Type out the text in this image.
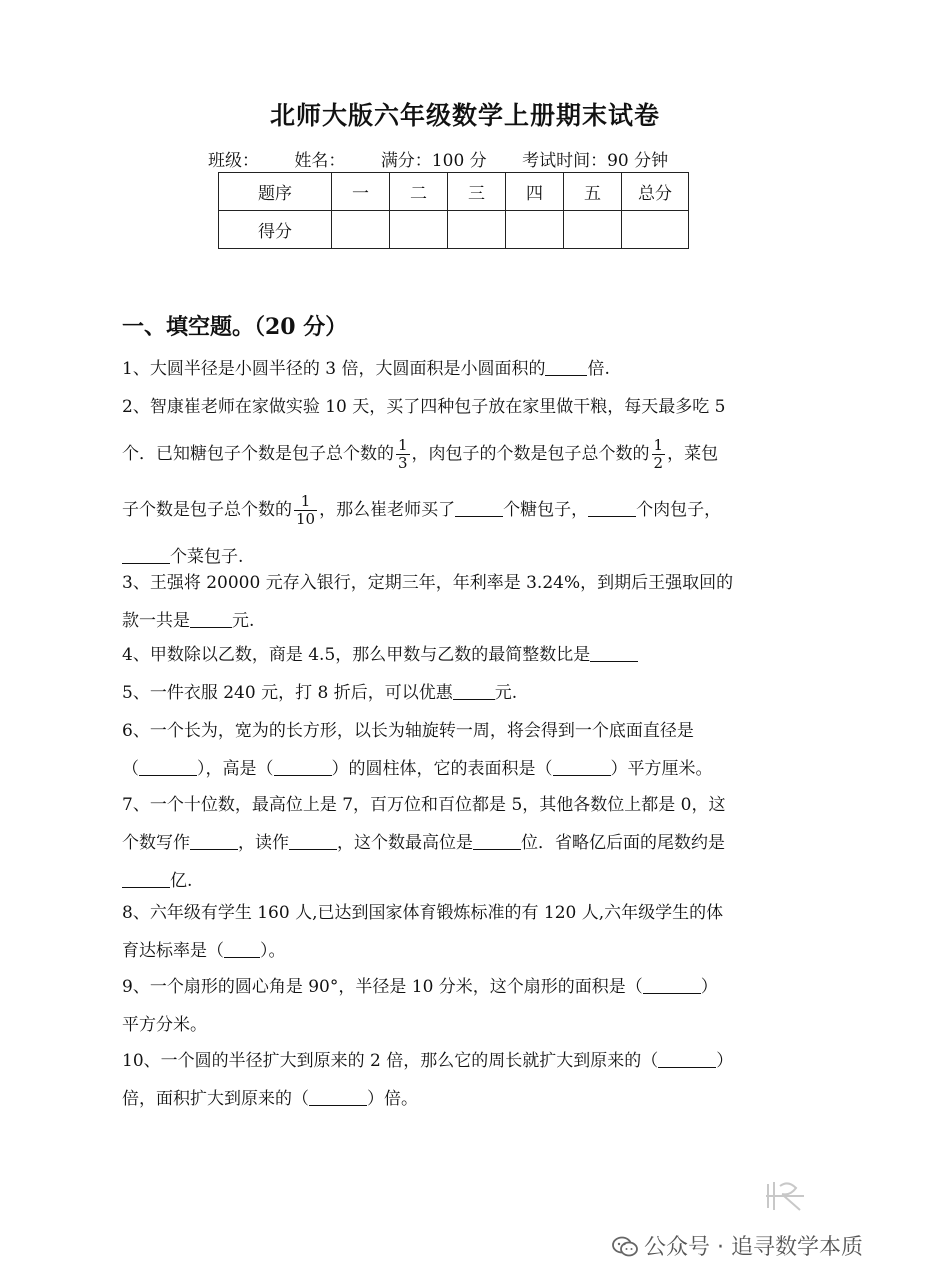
北师大版六年级数学上册期末试卷
班级： 姓名： 满分：100 分 考试时间：90 分钟
题序	一	二	三	四	五	总分
得分						
一、填空题。（20 分）
1、大圆半径是小圆半径的 3 倍，大圆面积是小圆面积的 倍.
2、智康崔老师在家做实验 10 天，买了四种包子放在家里做干粮，每天最多吃 5
个．已知糖包子个数是包子总个数的 $\frac{1}{3}$ ，肉包子的个数是包子总个数的 $\frac{1}{2}$ ，菜包
子个数是包子总个数的 $\frac{1}{10}$ ，那么崔老师买了	个糖包子，	个肉包子，
个菜包子.
3、王强将 20000 元存入银行，定期三年，年利率是 3.24%，到期后王强取回的
款一共是 元.
4、甲数除以乙数，商是 4.5，那么甲数与乙数的最简整数比是
5、一件衣服 240 元，打 8 折后，可以优惠 元.
6、一个长为，宽为的长方形，以长为轴旋转一周，将会得到一个底面直径是
（	），高是（	）的圆柱体，它的表面积是（	）平方厘米。
7、一个十位数，最高位上是 7，百万位和百位都是 5，其他各数位上都是 0，这
个数写作	，读作	，这个数最高位是	位．省略亿后面的尾数约是
亿.
8、六年级有学生 160 人,已达到国家体育锻炼标准的有 120 人,六年级学生的体
育达标率是（ ）。
9、一个扇形的圆心角是 90°，半径是 10 分米，这个扇形的面积是（	）
平方分米。
10、一个圆的半径扩大到原来的 2 倍，那么它的周长就扩大到原来的（	）
倍，面积扩大到原来的（	）倍。
公众号 · 追寻数学本质
